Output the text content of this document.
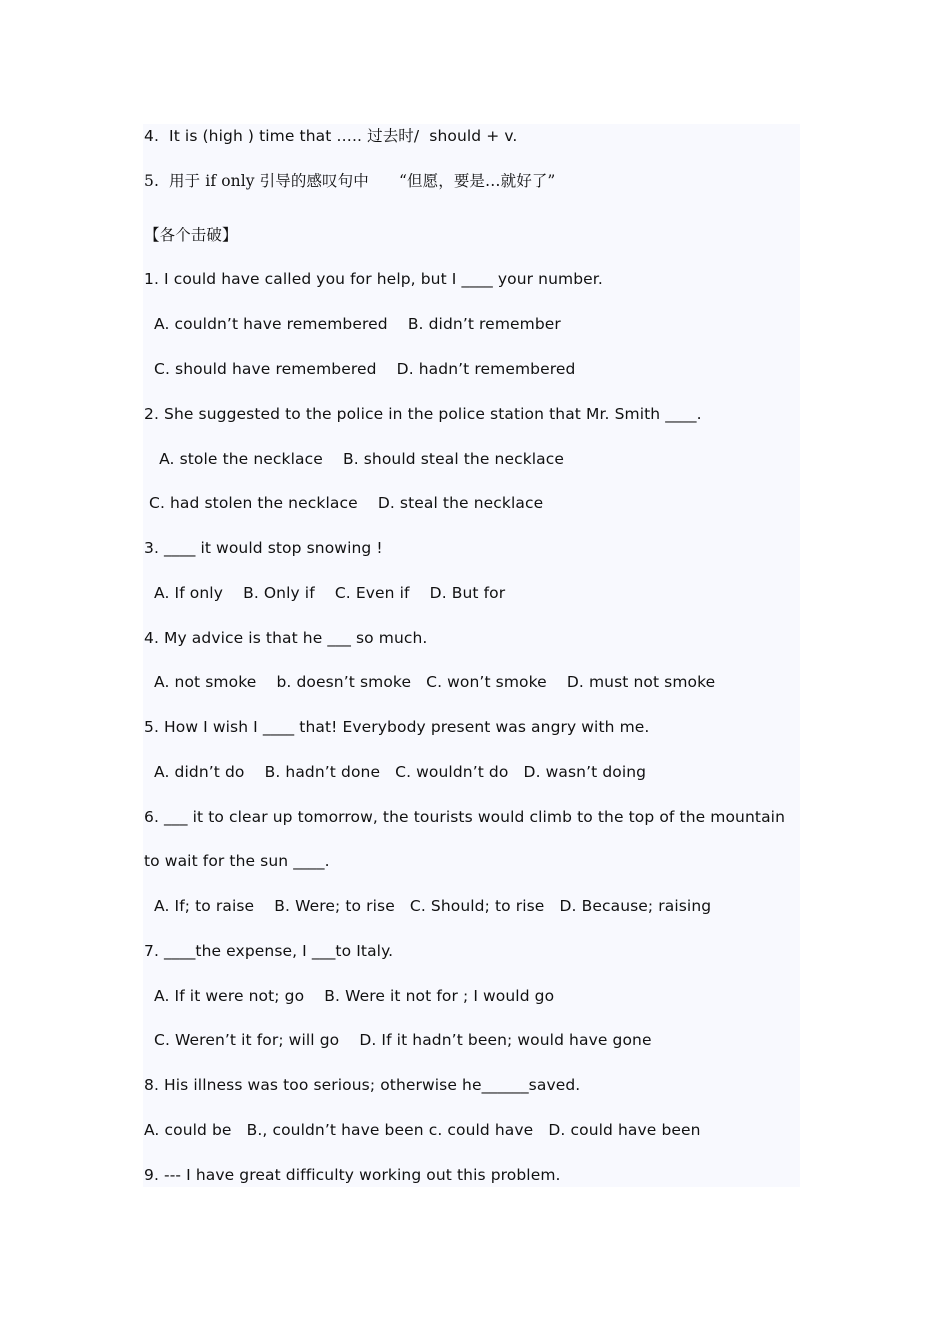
4.  It is (high ) time that ….. 过去时/  should + v.
5.  用于 if only 引导的感叹句中      “但愿，要是…就好了”
【各个击破】
1. I could have called you for help, but I ____ your number.
A. couldn’t have remembered    B. didn’t remember
C. should have remembered    D. hadn’t remembered
2. She suggested to the police in the police station that Mr. Smith ____.
A. stole the necklace    B. should steal the necklace
C. had stolen the necklace    D. steal the necklace
3. ____ it would stop snowing !
A. If only    B. Only if    C. Even if    D. But for
4. My advice is that he ___ so much.
A. not smoke    b. doesn’t smoke   C. won’t smoke    D. must not smoke
5. How I wish I ____ that! Everybody present was angry with me.
A. didn’t do    B. hadn’t done   C. wouldn’t do   D. wasn’t doing
6. ___ it to clear up tomorrow, the tourists would climb to the top of the mountain
to wait for the sun ____.
A. If; to raise    B. Were; to rise   C. Should; to rise   D. Because; raising
7. ____the expense, I ___to Italy.
A. If it were not; go    B. Were it not for ; I would go
C. Weren’t it for; will go    D. If it hadn’t been; would have gone
8. His illness was too serious; otherwise he______saved.
A. could be   B., couldn’t have been c. could have   D. could have been
9. --- I have great difficulty working out this problem.
